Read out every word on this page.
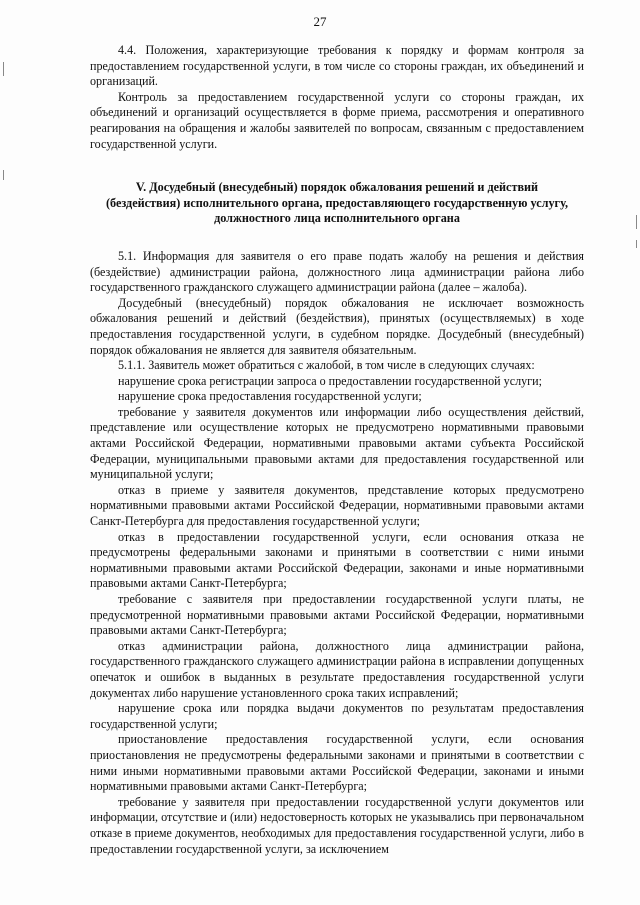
27

4.4. Положения, характеризующие требования к порядку и формам контроля за предоставлением государственной услуги, в том числе со стороны граждан, их объединений и организаций.

Контроль за предоставлением государственной услуги со стороны граждан, их объединений и организаций осуществляется в форме приема, рассмотрения и оперативного реагирования на обращения и жалобы заявителей по вопросам, связанным с предоставлением государственной услуги.

V. Досудебный (внесудебный) порядок обжалования решений и действий (бездействия) исполнительного органа, предоставляющего государственную услугу, должностного лица исполнительного органа

5.1. Информация для заявителя о его праве подать жалобу на решения и действия (бездействие) администрации района, должностного лица администрации района либо государственного гражданского служащего администрации района (далее – жалоба).

Досудебный (внесудебный) порядок обжалования не исключает возможность обжалования решений и действий (бездействия), принятых (осуществляемых) в ходе предоставления государственной услуги, в судебном порядке. Досудебный (внесудебный) порядок обжалования не является для заявителя обязательным.

5.1.1. Заявитель может обратиться с жалобой, в том числе в следующих случаях:

нарушение срока регистрации запроса о предоставлении государственной услуги;

нарушение срока предоставления государственной услуги;

требование у заявителя документов или информации либо осуществления действий, представление или осуществление которых не предусмотрено нормативными правовыми актами Российской Федерации, нормативными правовыми актами субъекта Российской Федерации, муниципальными правовыми актами для предоставления государственной или муниципальной услуги;

отказ в приеме у заявителя документов, представление которых предусмотрено нормативными правовыми актами Российской Федерации, нормативными правовыми актами Санкт-Петербурга для предоставления государственной услуги;

отказ в предоставлении государственной услуги, если основания отказа не предусмотрены федеральными законами и принятыми в соответствии с ними иными нормативными правовыми актами Российской Федерации, законами и иные нормативными правовыми актами Санкт-Петербурга;

требование с заявителя при предоставлении государственной услуги платы, не предусмотренной нормативными правовыми актами Российской Федерации, нормативными правовыми актами Санкт-Петербурга;

отказ администрации района, должностного лица администрации района, государственного гражданского служащего администрации района в исправлении допущенных опечаток и ошибок в выданных в результате предоставления государственной услуги документах либо нарушение установленного срока таких исправлений;

нарушение срока или порядка выдачи документов по результатам предоставления государственной услуги;

приостановление предоставления государственной услуги, если основания приостановления не предусмотрены федеральными законами и принятыми в соответствии с ними иными нормативными правовыми актами Российской Федерации, законами и иными нормативными правовыми актами Санкт-Петербурга;

требование у заявителя при предоставлении государственной услуги документов или информации, отсутствие и (или) недостоверность которых не указывались при первоначальном отказе в приеме документов, необходимых для предоставления государственной услуги, либо в предоставлении государственной услуги, за исключением
